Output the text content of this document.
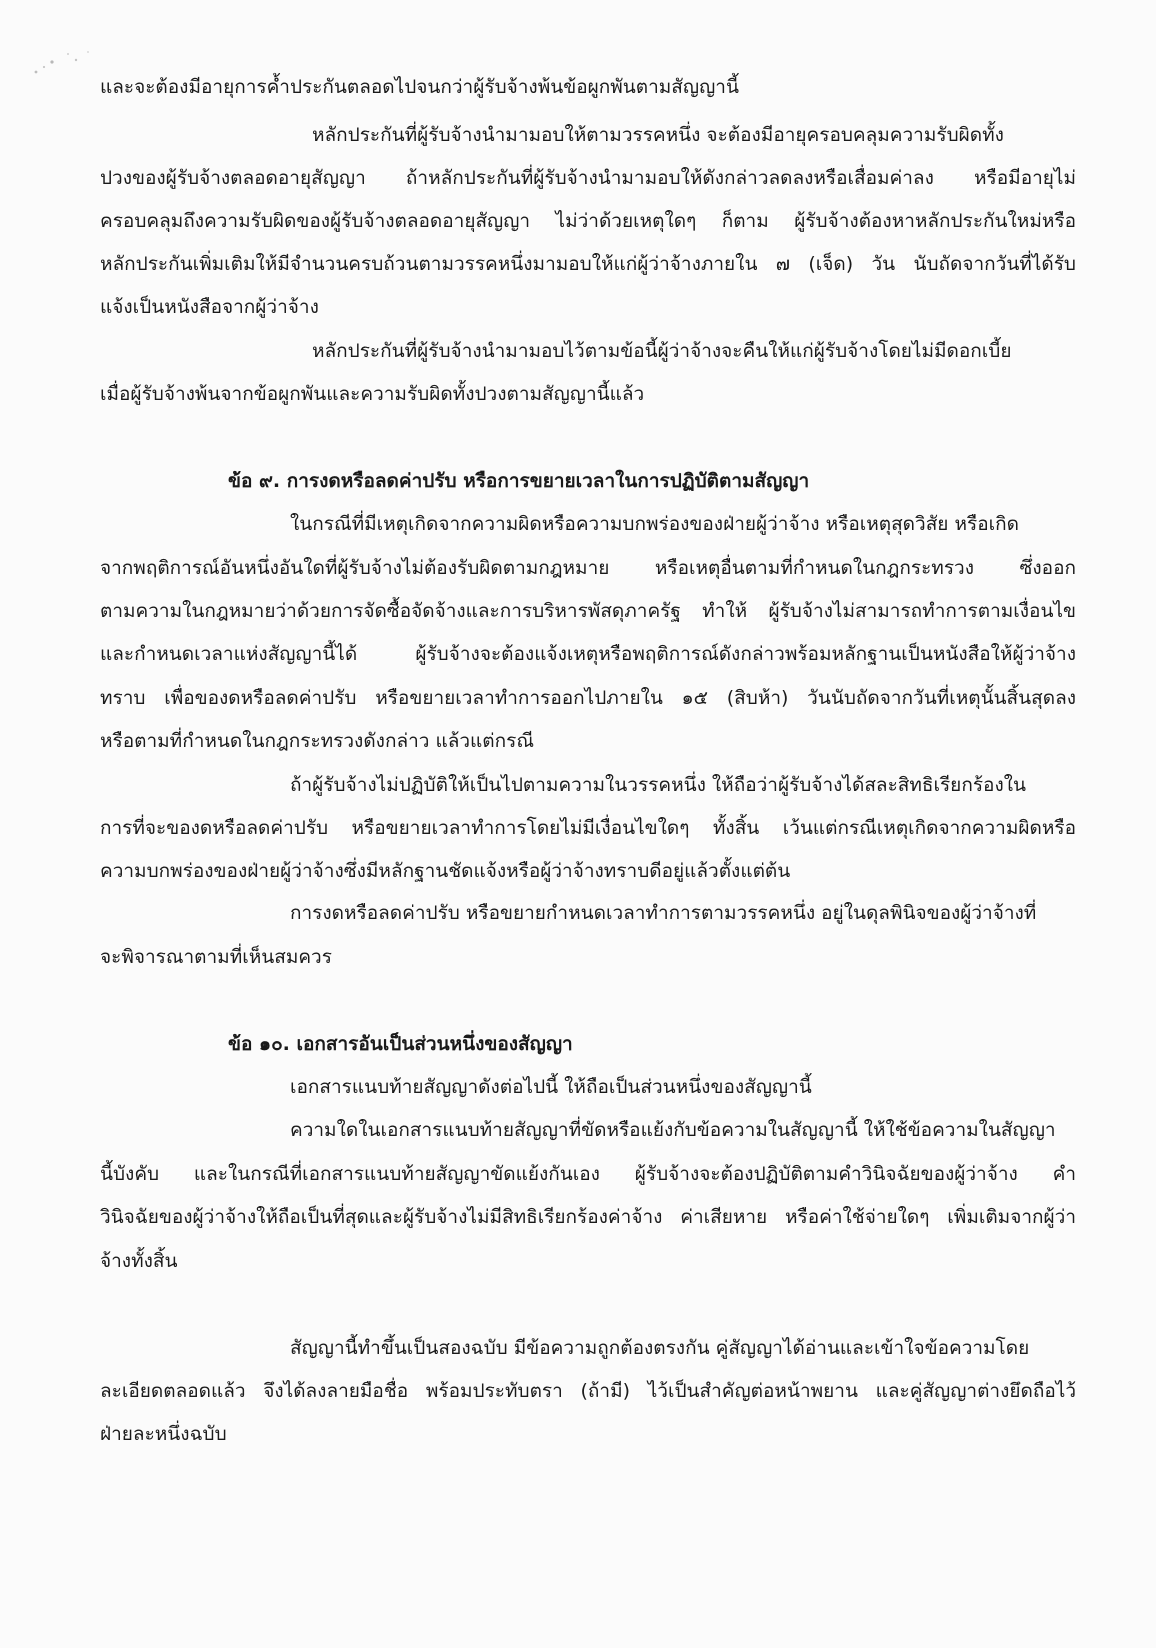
และจะต้องมีอายุการค้ำประกันตลอดไปจนกว่าผู้รับจ้างพ้นข้อผูกพันตามสัญญานี้
หลักประกันที่ผู้รับจ้างนำมามอบให้ตามวรรคหนึ่ง จะต้องมีอายุครอบคลุมความรับผิดทั้ง
ปวงของผู้รับจ้างตลอดอายุสัญญา ถ้าหลักประกันที่ผู้รับจ้างนำมามอบให้ดังกล่าวลดลงหรือเสื่อมค่าลง หรือมีอายุไม่
ครอบคลุมถึงความรับผิดของผู้รับจ้างตลอดอายุสัญญา ไม่ว่าด้วยเหตุใดๆ ก็ตาม ผู้รับจ้างต้องหาหลักประกันใหม่หรือ
หลักประกันเพิ่มเติมให้มีจำนวนครบถ้วนตามวรรคหนึ่งมามอบให้แก่ผู้ว่าจ้างภายใน ๗ (เจ็ด) วัน นับถัดจากวันที่ได้รับ
แจ้งเป็นหนังสือจากผู้ว่าจ้าง
หลักประกันที่ผู้รับจ้างนำมามอบไว้ตามข้อนี้ผู้ว่าจ้างจะคืนให้แก่ผู้รับจ้างโดยไม่มีดอกเบี้ย
เมื่อผู้รับจ้างพ้นจากข้อผูกพันและความรับผิดทั้งปวงตามสัญญานี้แล้ว
ข้อ ๙. การงดหรือลดค่าปรับ หรือการขยายเวลาในการปฏิบัติตามสัญญา
ในกรณีที่มีเหตุเกิดจากความผิดหรือความบกพร่องของฝ่ายผู้ว่าจ้าง หรือเหตุสุดวิสัย หรือเกิด
จากพฤติการณ์อันหนึ่งอันใดที่ผู้รับจ้างไม่ต้องรับผิดตามกฎหมาย หรือเหตุอื่นตามที่กำหนดในกฎกระทรวง ซึ่งออก
ตามความในกฎหมายว่าด้วยการจัดซื้อจัดจ้างและการบริหารพัสดุภาครัฐ ทำให้ ผู้รับจ้างไม่สามารถทำการตามเงื่อนไข
และกำหนดเวลาแห่งสัญญานี้ได้ ผู้รับจ้างจะต้องแจ้งเหตุหรือพฤติการณ์ดังกล่าวพร้อมหลักฐานเป็นหนังสือให้ผู้ว่าจ้าง
ทราบ เพื่อของดหรือลดค่าปรับ หรือขยายเวลาทำการออกไปภายใน ๑๕ (สิบห้า) วันนับถัดจากวันที่เหตุนั้นสิ้นสุดลง
หรือตามที่กำหนดในกฎกระทรวงดังกล่าว แล้วแต่กรณี
ถ้าผู้รับจ้างไม่ปฏิบัติให้เป็นไปตามความในวรรคหนึ่ง ให้ถือว่าผู้รับจ้างได้สละสิทธิเรียกร้องใน
การที่จะของดหรือลดค่าปรับ หรือขยายเวลาทำการโดยไม่มีเงื่อนไขใดๆ ทั้งสิ้น เว้นแต่กรณีเหตุเกิดจากความผิดหรือ
ความบกพร่องของฝ่ายผู้ว่าจ้างซึ่งมีหลักฐานชัดแจ้งหรือผู้ว่าจ้างทราบดีอยู่แล้วตั้งแต่ต้น
การงดหรือลดค่าปรับ หรือขยายกำหนดเวลาทำการตามวรรคหนึ่ง อยู่ในดุลพินิจของผู้ว่าจ้างที่
จะพิจารณาตามที่เห็นสมควร
ข้อ ๑๐. เอกสารอันเป็นส่วนหนึ่งของสัญญา
เอกสารแนบท้ายสัญญาดังต่อไปนี้ ให้ถือเป็นส่วนหนึ่งของสัญญานี้
ความใดในเอกสารแนบท้ายสัญญาที่ขัดหรือแย้งกับข้อความในสัญญานี้ ให้ใช้ข้อความในสัญญา
นี้บังคับ และในกรณีที่เอกสารแนบท้ายสัญญาขัดแย้งกันเอง ผู้รับจ้างจะต้องปฏิบัติตามคำวินิจฉัยของผู้ว่าจ้าง คำ
วินิจฉัยของผู้ว่าจ้างให้ถือเป็นที่สุดและผู้รับจ้างไม่มีสิทธิเรียกร้องค่าจ้าง ค่าเสียหาย หรือค่าใช้จ่ายใดๆ เพิ่มเติมจากผู้ว่า
จ้างทั้งสิ้น
สัญญานี้ทำขึ้นเป็นสองฉบับ มีข้อความถูกต้องตรงกัน คู่สัญญาได้อ่านและเข้าใจข้อความโดย
ละเอียดตลอดแล้ว จึงได้ลงลายมือชื่อ พร้อมประทับตรา (ถ้ามี) ไว้เป็นสำคัญต่อหน้าพยาน และคู่สัญญาต่างยึดถือไว้
ฝ่ายละหนึ่งฉบับ
